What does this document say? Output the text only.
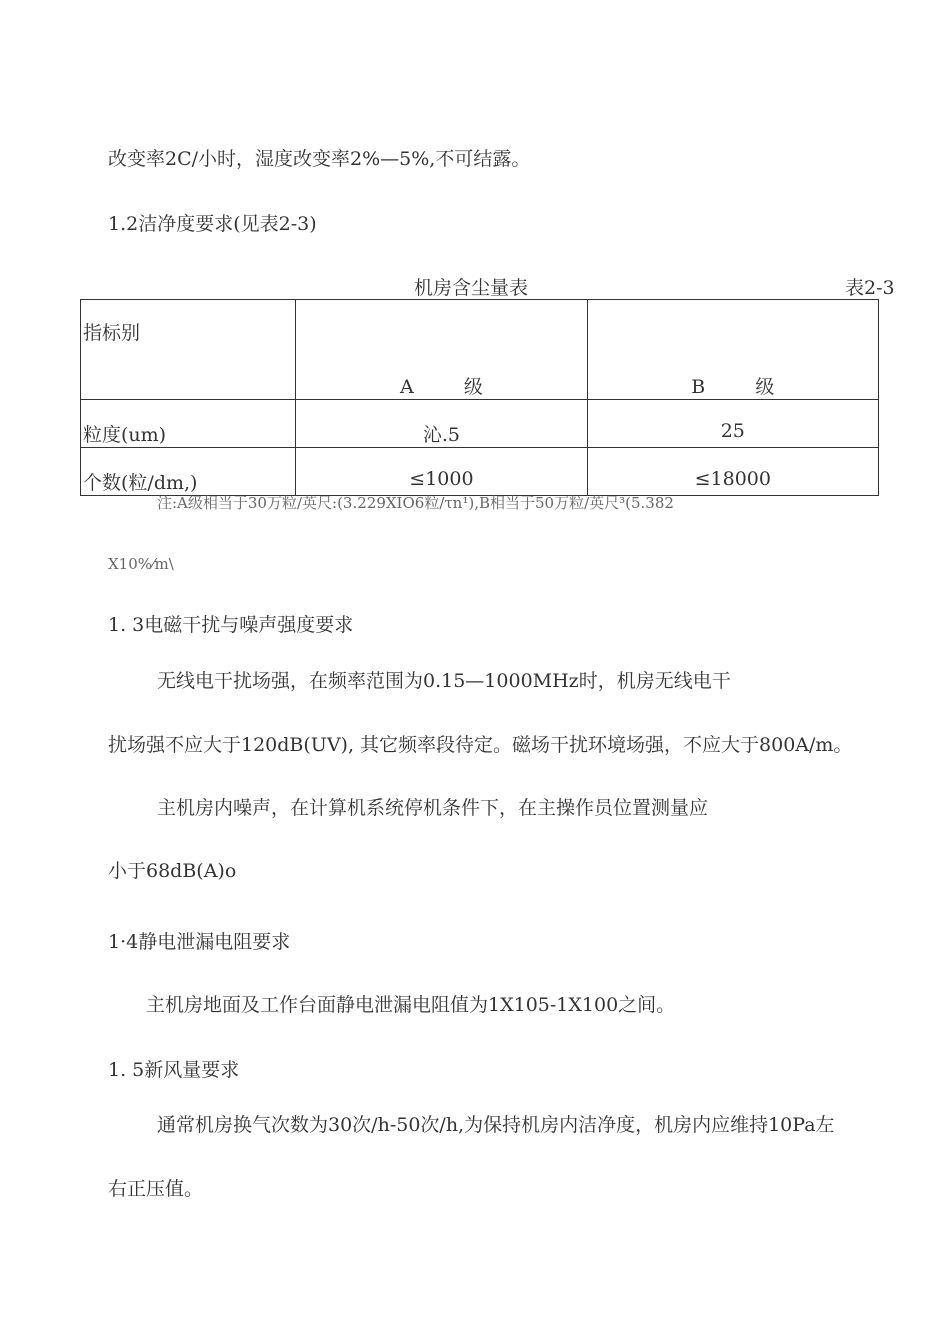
改变率2C/小时，湿度改变率2%—5%,不可结露。
1.2洁净度要求(见表2-3)
机房含尘量表	表2-3
指标别	A 级	B 级

粒度(um)	沁.5	25

个数(粒/dm,)	≤1000	≤18000
注:A级相当于30万粒/英尺:(3.229XIO6粒/τn¹),B相当于50万粒/英尺³(5.382
X10%⁄m\
1. 3电磁干扰与噪声强度要求
无线电干扰场强，在频率范围为0.15—1000MHz时，机房无线电干
扰场强不应大于120dB(UV), 其它频率段待定。磁场干扰环境场强，不应大于800A/m。
主机房内噪声，在计算机系统停机条件下，在主操作员位置测量应
小于68dB(A)o
1·4静电泄漏电阻要求
主机房地面及工作台面静电泄漏电阻值为1X105-1X100之间。
1. 5新风量要求
通常机房换气次数为30次/h-50次/h,为保持机房内洁净度，机房内应维持10Pa左
右正压值。
